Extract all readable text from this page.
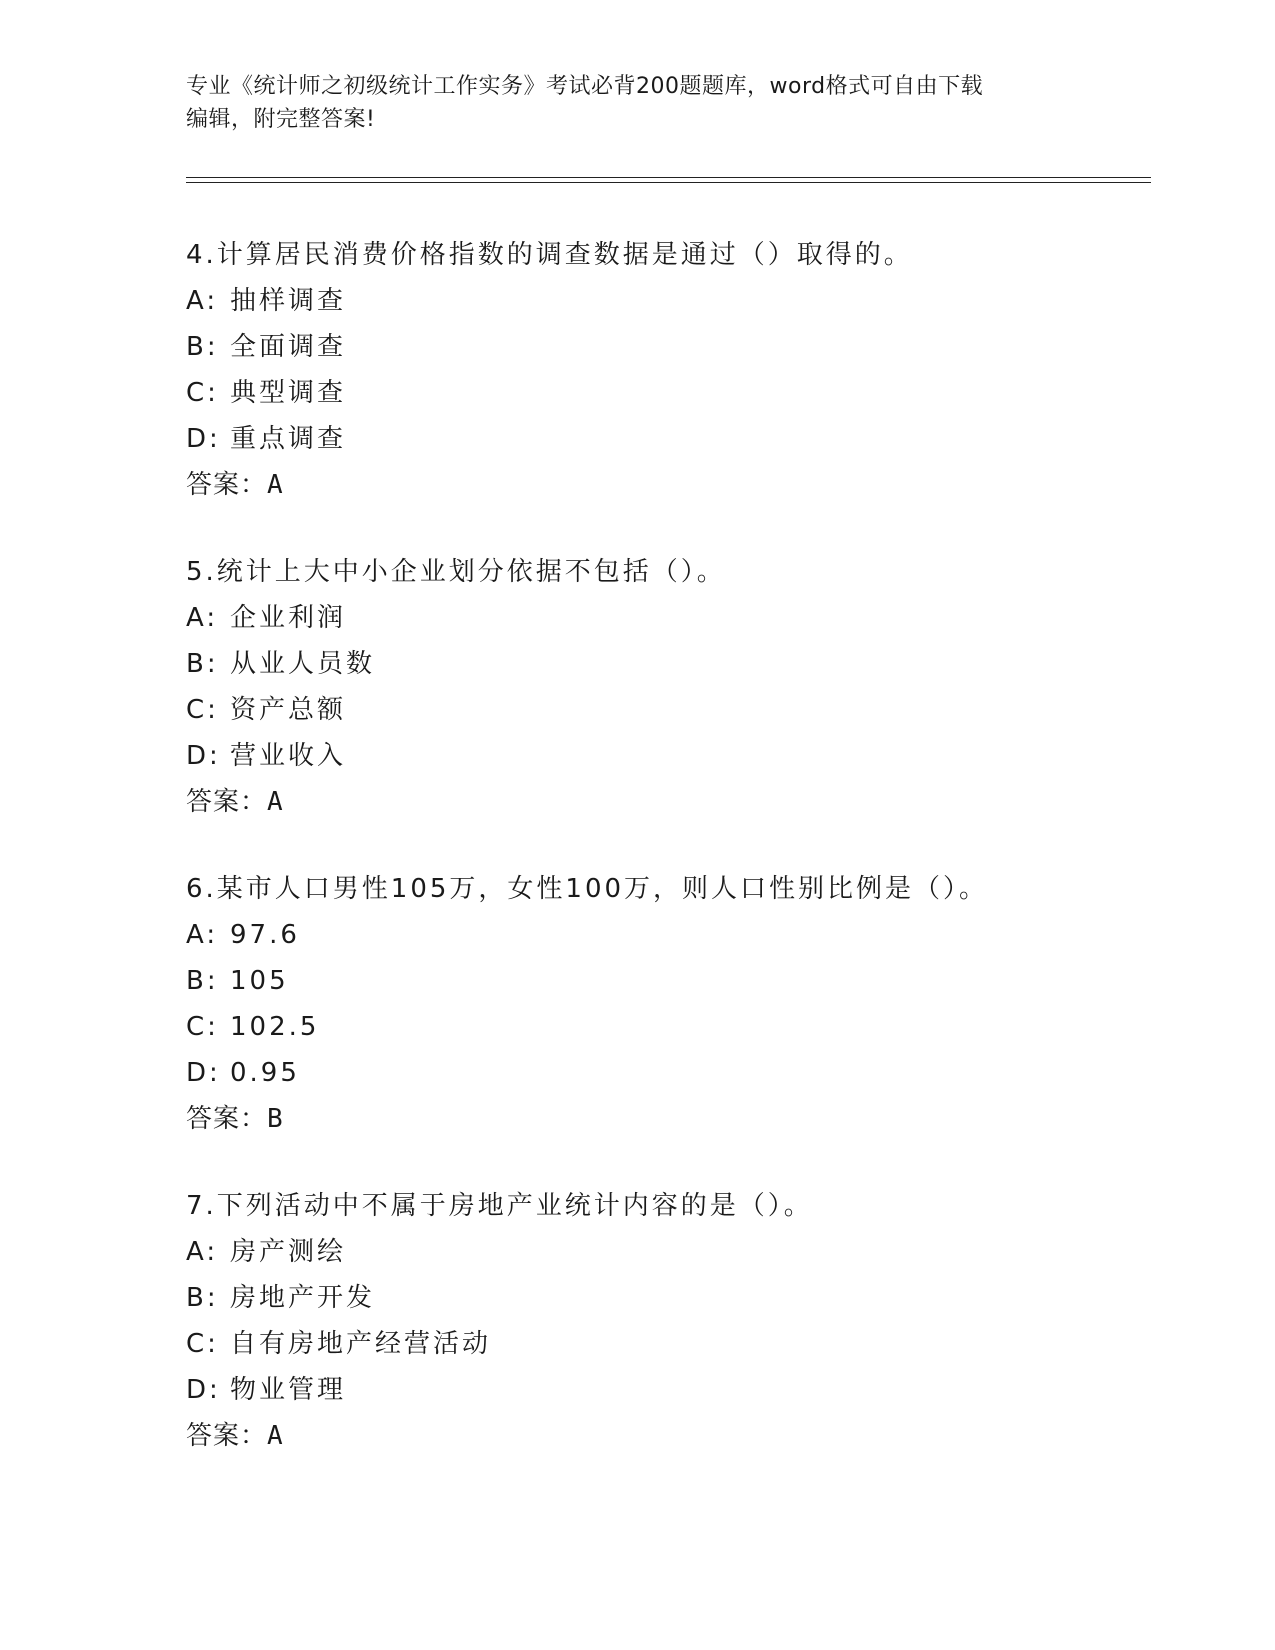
专业《统计师之初级统计工作实务》考试必背200题题库，word格式可自由下载
编辑，附完整答案!
4.计算居民消费价格指数的调查数据是通过（）取得的。
A: 抽样调查
B: 全面调查
C: 典型调查
D: 重点调查
答案：A
5.统计上大中小企业划分依据不包括（）。
A: 企业利润
B: 从业人员数
C: 资产总额
D: 营业收入
答案：A
6.某市人口男性105万，女性100万，则人口性别比例是（）。
A: 97.6
B: 105
C: 102.5
D: 0.95
答案：B
7.下列活动中不属于房地产业统计内容的是（）。
A: 房产测绘
B: 房地产开发
C: 自有房地产经营活动
D: 物业管理
答案：A
